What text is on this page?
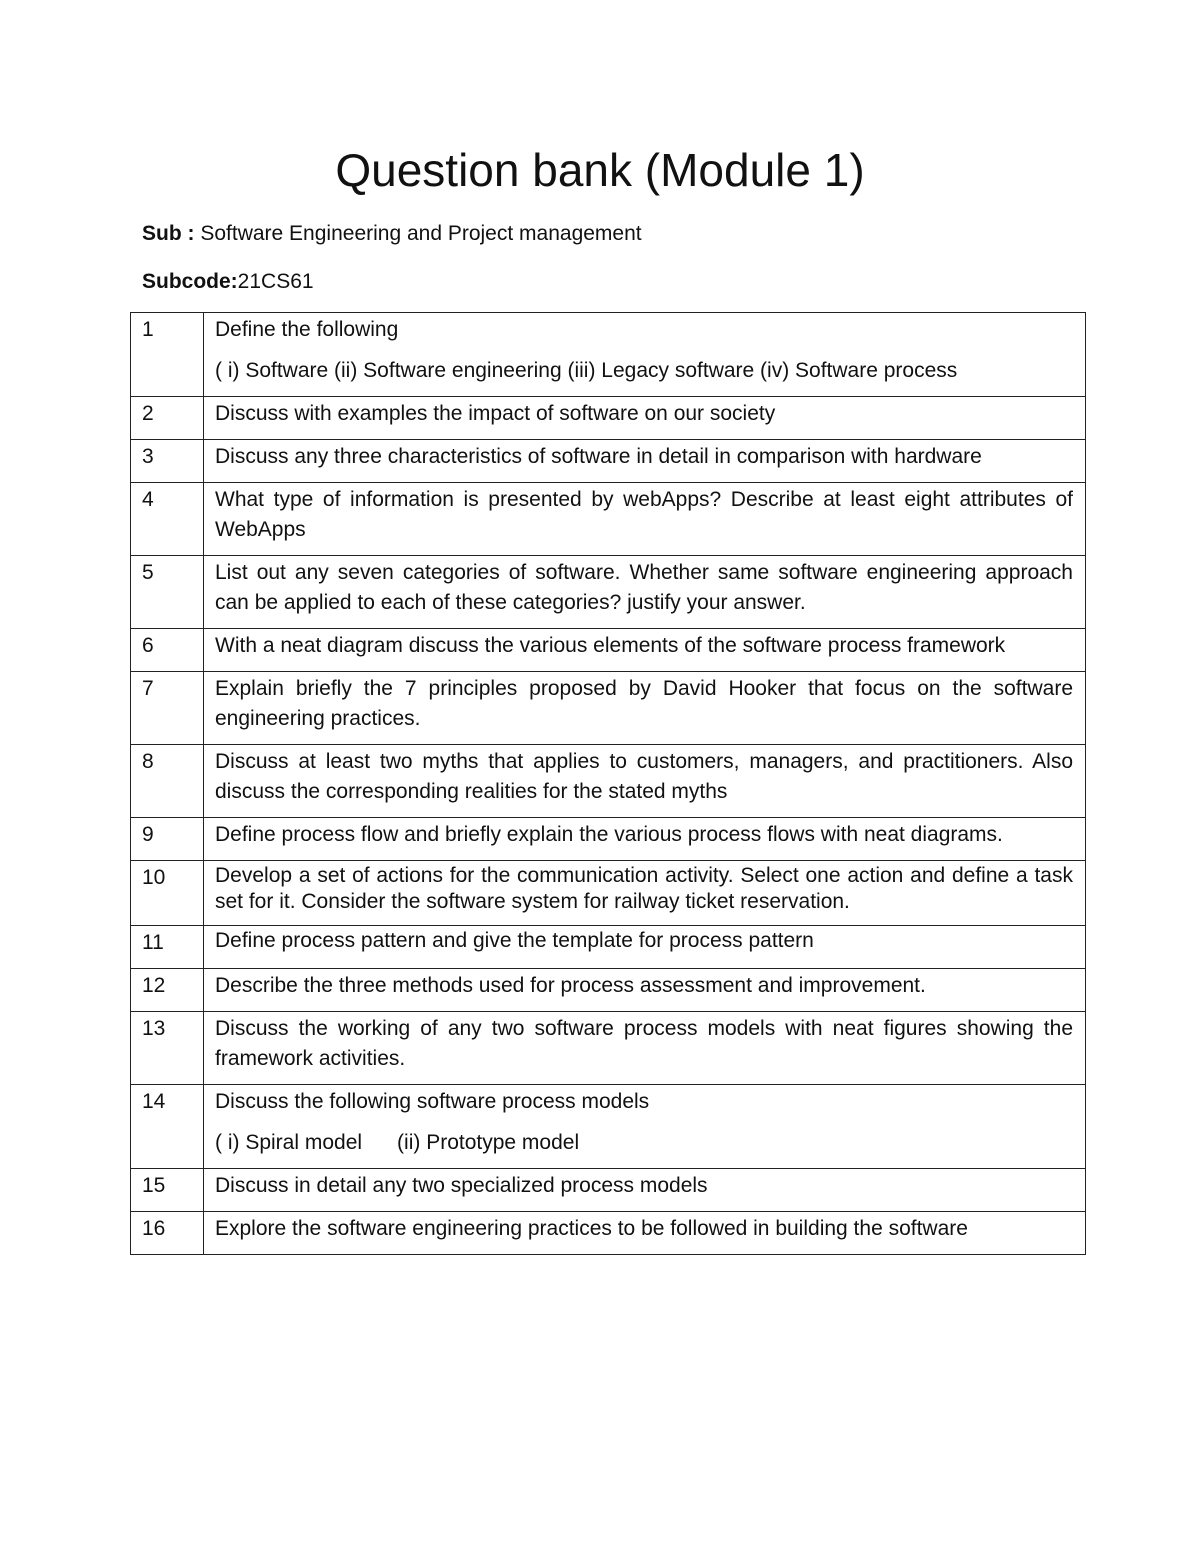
Question bank (Module 1)
Sub : Software Engineering and Project management
Subcode:21CS61
1	Define the following
( i) Software (ii) Software engineering (iii) Legacy software (iv) Software process

2	Discuss with examples the impact of software on our society
3	Discuss any three characteristics of software in detail in comparison with hardware
4	What type of information is presented by webApps? Describe at least eight attributes of WebApps
5	List out any seven categories of software. Whether same software engineering approach can be applied to each of these categories? justify your answer.
6	With a neat diagram discuss the various elements of the software process framework
7	Explain briefly the 7 principles proposed by David Hooker that focus on the software engineering practices.
8	Discuss at least two myths that applies to customers, managers, and practitioners. Also discuss the corresponding realities for the stated myths
9	Define process flow and briefly explain the various process flows with neat diagrams.
10	Develop a set of actions for the communication activity. Select one action and define a task set for it. Consider the software system for railway ticket reservation.
11	Define process pattern and give the template for process pattern
12	Describe the three methods used for process assessment and improvement.
13	Discuss the working of any two software process models with neat figures showing the framework activities.
14	Discuss the following software process models
( i) Spiral model      (ii) Prototype model

15	Discuss in detail any two specialized process models
16	Explore the software engineering practices to be followed in building the software
